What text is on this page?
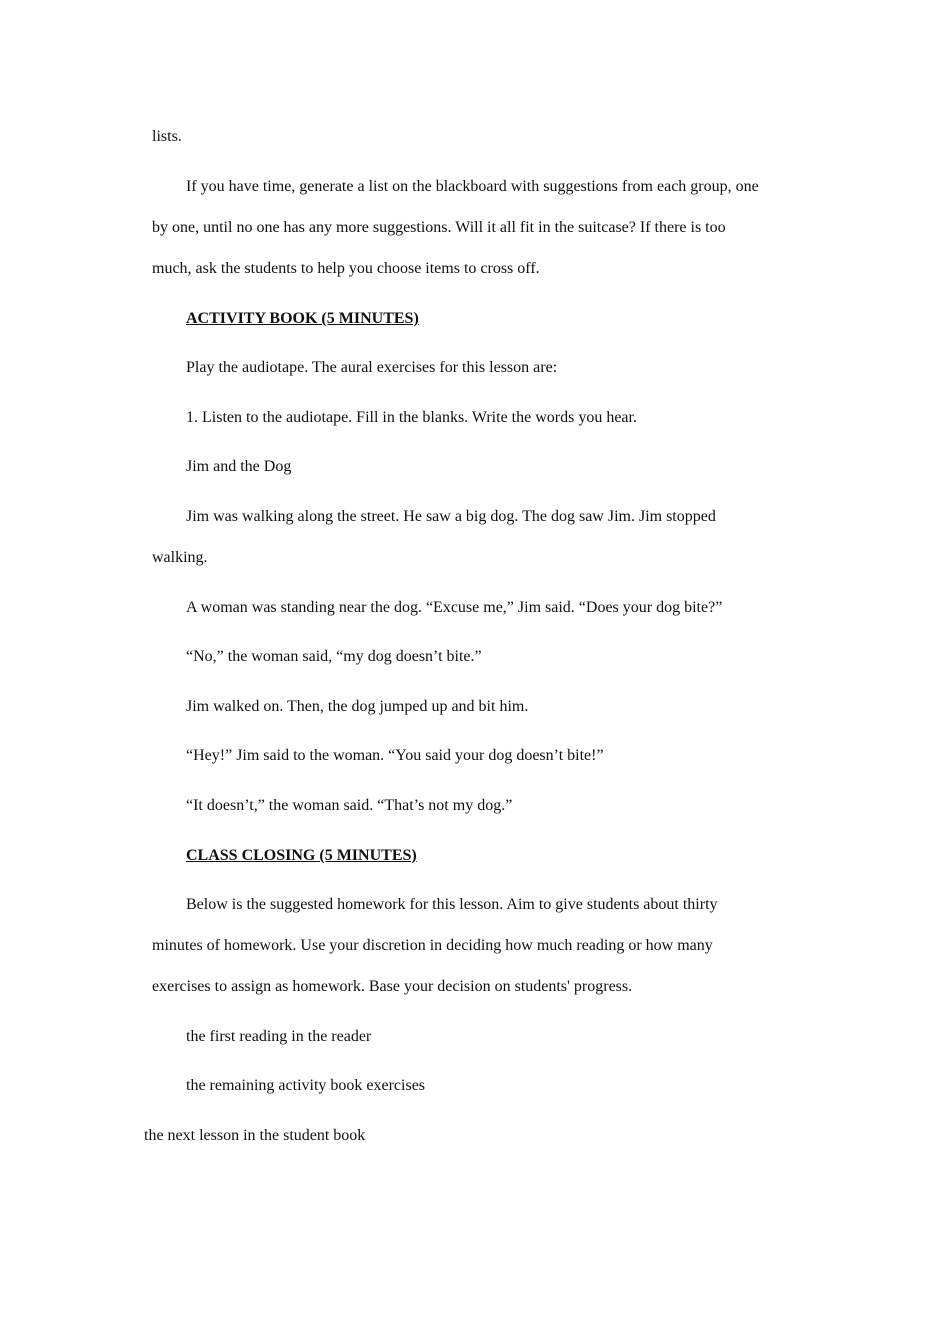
lists.
If you have time, generate a list on the blackboard with suggestions from each group, one
by one, until no one has any more suggestions. Will it all fit in the suitcase? If there is too
much, ask the students to help you choose items to cross off.
ACTIVITY BOOK (5 MINUTES)
Play the audiotape. The aural exercises for this lesson are:
1. Listen to the audiotape. Fill in the blanks. Write the words you hear.
Jim and the Dog
Jim was walking along the street. He saw a big dog. The dog saw Jim. Jim stopped
walking.
A woman was standing near the dog. “Excuse me,” Jim said. “Does your dog bite?”
“No,” the woman said, “my dog doesn’t bite.”
Jim walked on. Then, the dog jumped up and bit him.
“Hey!” Jim said to the woman. “You said your dog doesn’t bite!”
“It doesn’t,” the woman said. “That’s not my dog.”
CLASS CLOSING (5 MINUTES)
Below is the suggested homework for this lesson. Aim to give students about thirty
minutes of homework. Use your discretion in deciding how much reading or how many
exercises to assign as homework. Base your decision on students' progress.
the first reading in the reader
the remaining activity book exercises
the next lesson in the student book
